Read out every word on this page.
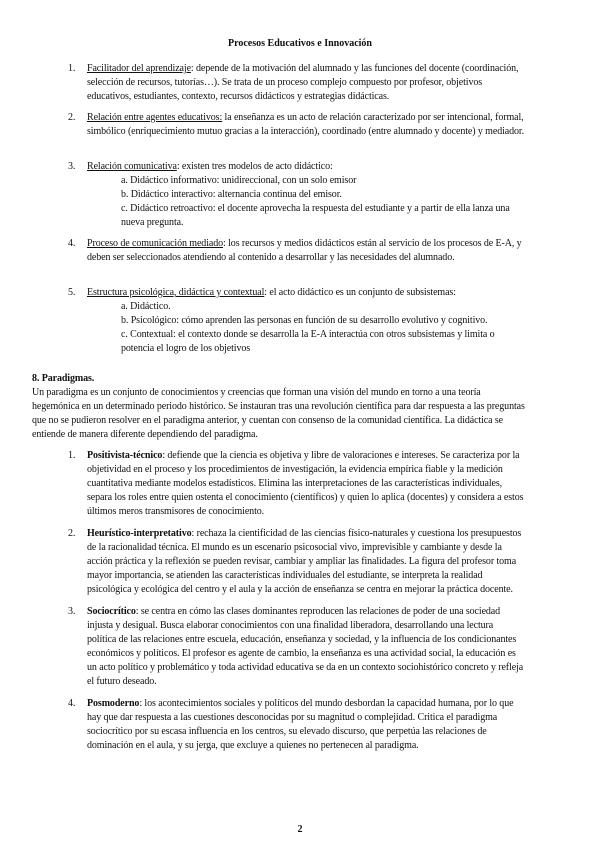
Procesos Educativos e Innovación
1. Facilitador del aprendizaje: depende de la motivación del alumnado y las funciones del docente (coordinación, selección de recursos, tutorías…). Se trata de un proceso complejo compuesto por profesor, objetivos educativos, estudiantes, contexto, recursos didácticos y estrategias didácticas.
2. Relación entre agentes educativos: la enseñanza es un acto de relación caracterizado por ser intencional, formal, simbólico (enriquecimiento mutuo gracias a la interacción), coordinado (entre alumnado y docente) y mediador.
3. Relación comunicativa: existen tres modelos de acto didáctico:
a. Didáctico informativo: unidireccional, con un solo emisor
b. Didáctico interactivo: alternancia continua del emisor.
c. Didáctico retroactivo: el docente aprovecha la respuesta del estudiante y a partir de ella lanza una nueva pregunta.
4. Proceso de comunicación mediado: los recursos y medios didácticos están al servicio de los procesos de E-A, y deben ser seleccionados atendiendo al contenido a desarrollar y las necesidades del alumnado.
5. Estructura psicológica, didáctica y contextual: el acto didáctico es un conjunto de subsistemas:
a. Didáctico.
b. Psicológico: cómo aprenden las personas en función de su desarrollo evolutivo y cognitivo.
c. Contextual: el contexto donde se desarrolla la E-A interactúa con otros subsistemas y limita o potencia el logro de los objetivos
8. Paradigmas.
Un paradigma es un conjunto de conocimientos y creencias que forman una visión del mundo en torno a una teoría hegemónica en un determinado periodo histórico. Se instauran tras una revolución científica para dar respuesta a las preguntas que no se pudieron resolver en el paradigma anterior, y cuentan con consenso de la comunidad científica. La didáctica se entiende de manera diferente dependiendo del paradigma.
1. Positivista-técnico: defiende que la ciencia es objetiva y libre de valoraciones e intereses. Se caracteriza por la objetividad en el proceso y los procedimientos de investigación, la evidencia empírica fiable y la medición cuantitativa mediante modelos estadísticos. Elimina las interpretaciones de las características individuales, separa los roles entre quien ostenta el conocimiento (científicos) y quien lo aplica (docentes) y considera a estos últimos meros transmisores de conocimiento.
2. Heurístico-interpretativo: rechaza la cientificidad de las ciencias físico-naturales y cuestiona los presupuestos de la racionalidad técnica. El mundo es un escenario psicosocial vivo, imprevisible y cambiante y desde la acción práctica y la reflexión se pueden revisar, cambiar y ampliar las finalidades. La figura del profesor toma mayor importancia, se atienden las características individuales del estudiante, se interpreta la realidad psicológica y ecológica del centro y el aula y la acción de enseñanza se centra en mejorar la práctica docente.
3. Sociocrítico: se centra en cómo las clases dominantes reproducen las relaciones de poder de una sociedad injusta y desigual. Busca elaborar conocimientos con una finalidad liberadora, desarrollando una lectura política de las relaciones entre escuela, educación, enseñanza y sociedad, y la influencia de los condicionantes económicos y políticos. El profesor es agente de cambio, la enseñanza es una actividad social, la educación es un acto político y problemático y toda actividad educativa se da en un contexto sociohistórico concreto y refleja el futuro deseado.
4. Posmoderno: los acontecimientos sociales y políticos del mundo desbordan la capacidad humana, por lo que hay que dar respuesta a las cuestiones desconocidas por su magnitud o complejidad. Critica el paradigma sociocrítico por su escasa influencia en los centros, su elevado discurso, que perpetúa las relaciones de dominación en el aula, y su jerga, que excluye a quienes no pertenecen al paradigma.
2
